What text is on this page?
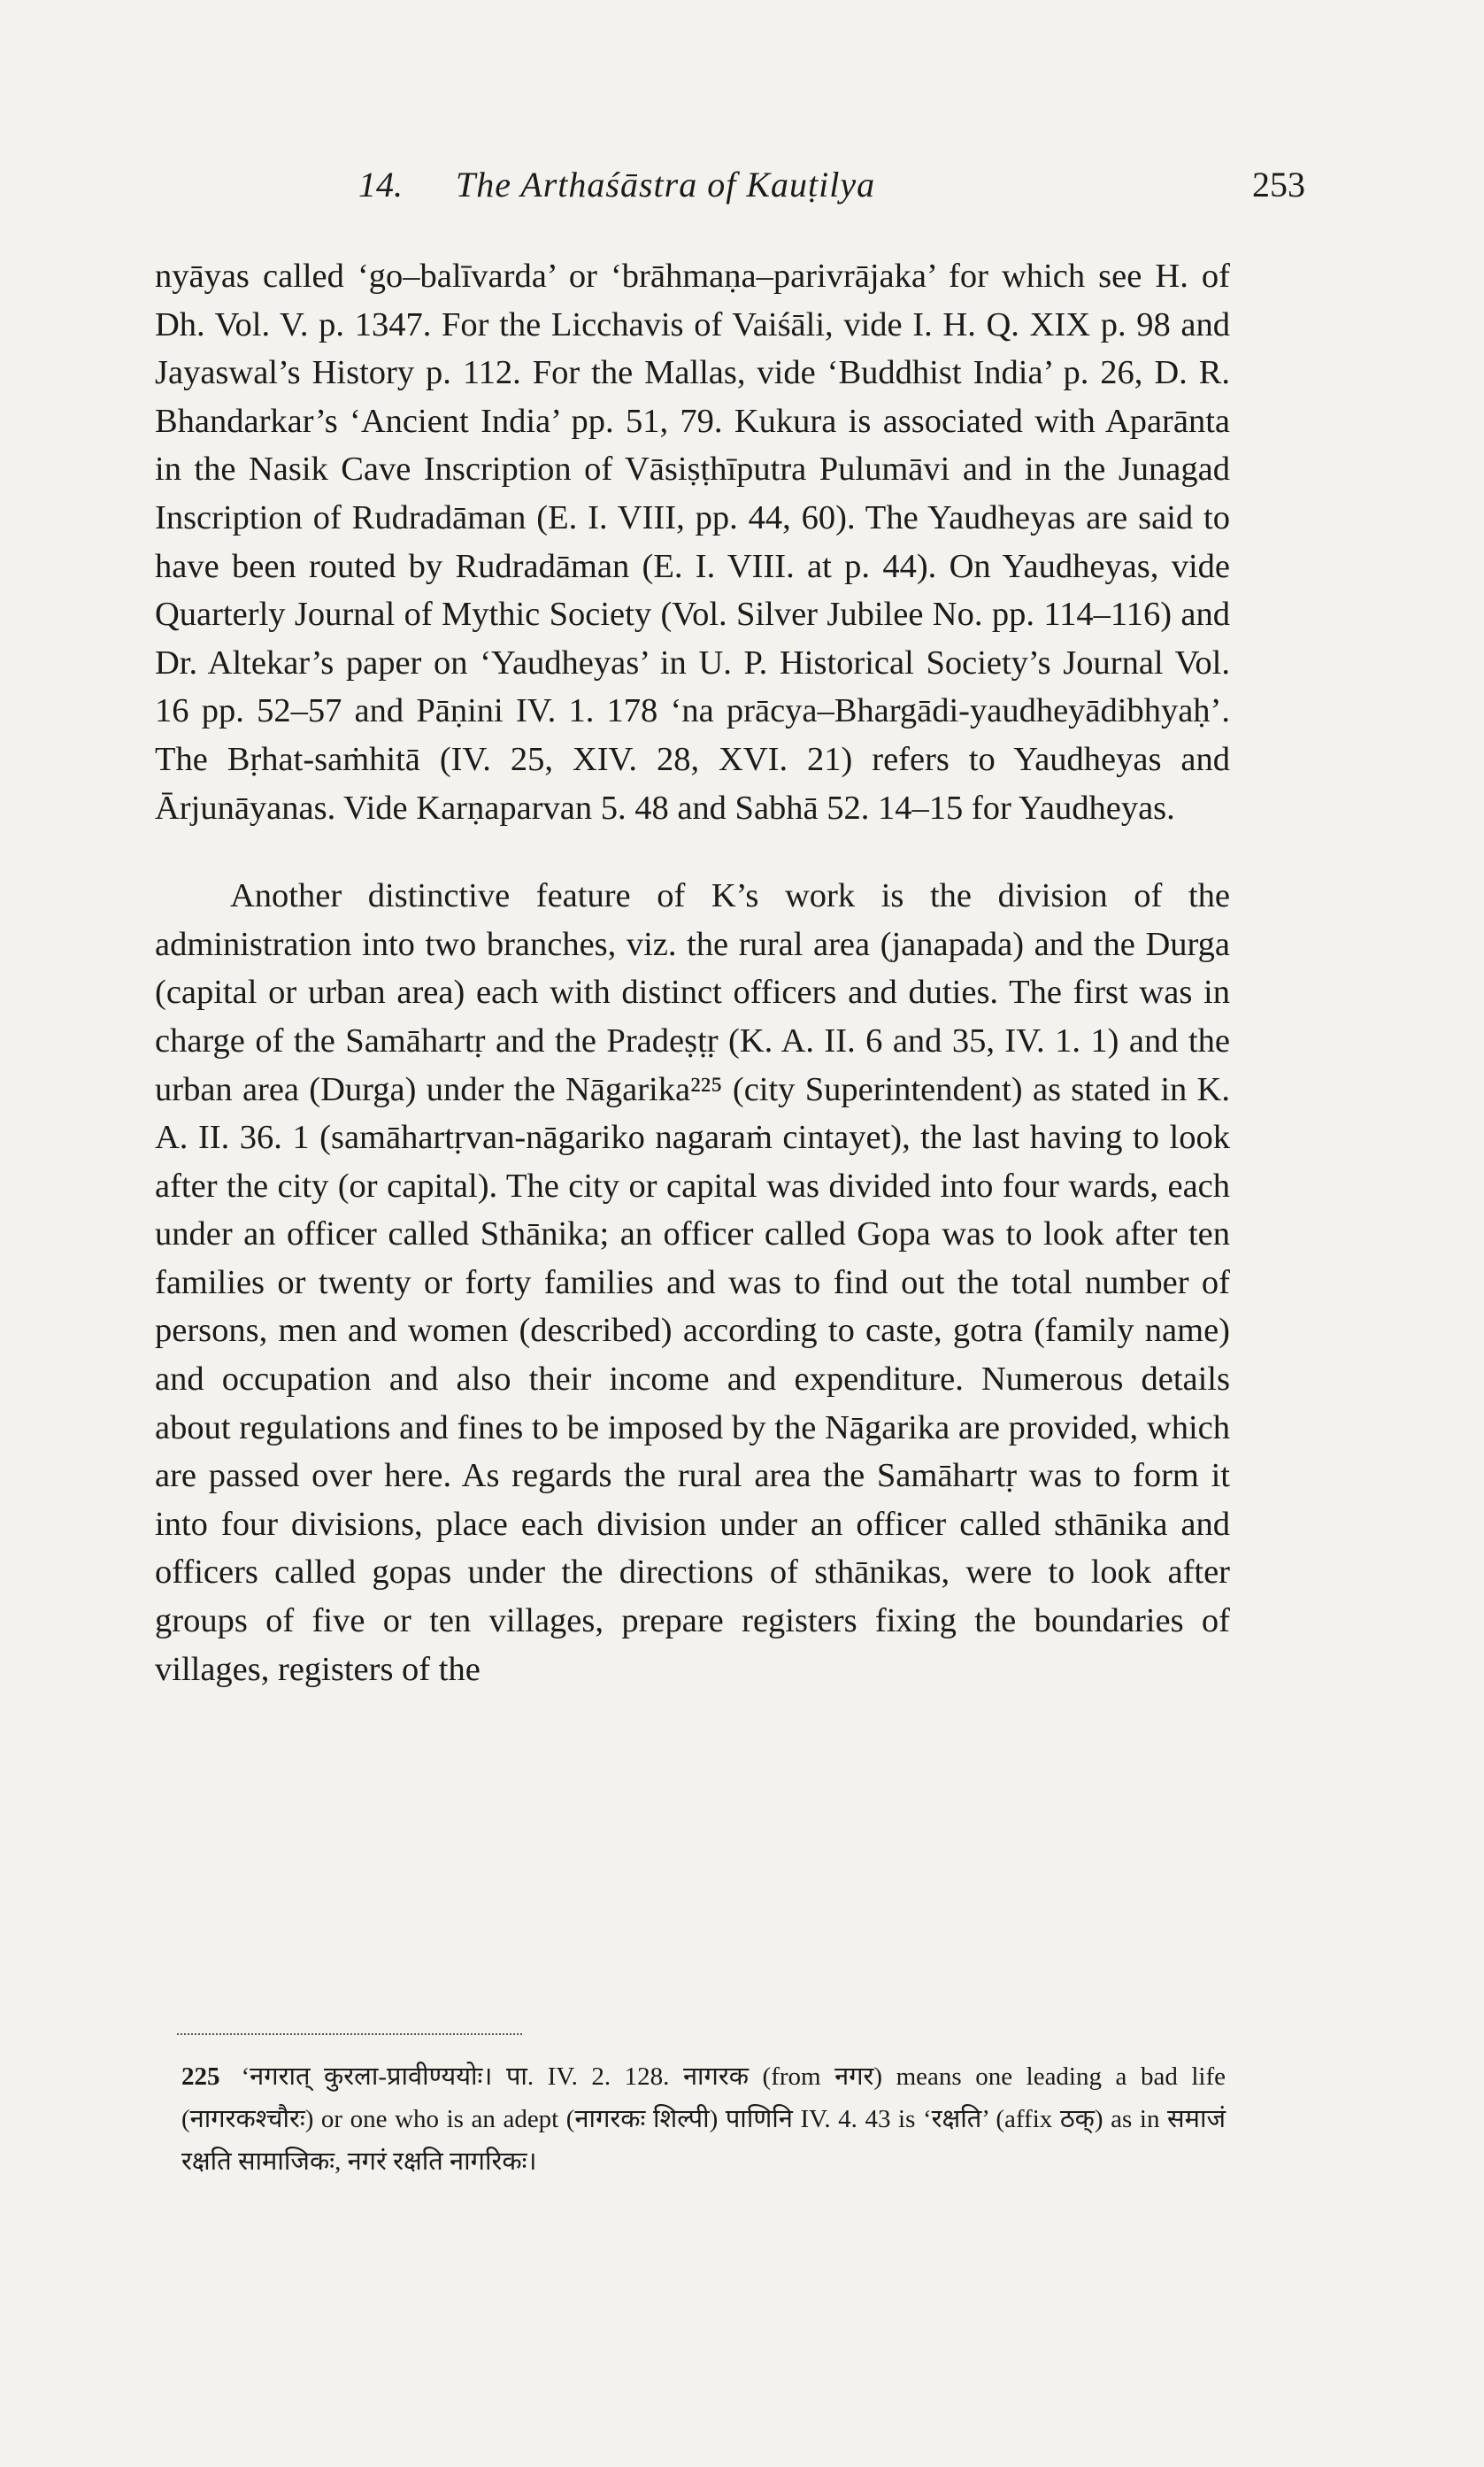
14. The Arthaśāstra of Kauṭilya	253

nyāyas called ‘go–balīvarda’ or ‘brāhmaṇa–parivrājaka’ for which see H. of Dh. Vol. V. p. 1347. For the Licchavis of Vaiśāli, vide I. H. Q. XIX p. 98 and Jayaswal’s History p. 112. For the Mallas, vide ‘Buddhist India’ p. 26, D. R. Bhandarkar’s ‘Ancient India’ pp. 51, 79. Kukura is associated with Aparānta in the Nasik Cave Inscription of Vāsiṣṭhīputra Pulumāvi and in the Junagad Inscription of Rudradāman (E. I. VIII, pp. 44, 60). The Yaudheyas are said to have been routed by Rudradāman (E. I. VIII. at p. 44). On Yaudheyas, vide Quarterly Journal of Mythic Society (Vol. Silver Jubilee No. pp. 114–116) and Dr. Altekar’s paper on ‘Yaudheyas’ in U. P. Historical Society’s Journal Vol. 16 pp. 52–57 and Pāṇini IV. 1. 178 ‘na prācya–Bhargādi-yaudheyādibhyaḥ’. The Bṛhat-saṁhitā (IV. 25, XIV. 28, XVI. 21) refers to Yaudheyas and Ārjunāyanas. Vide Karṇaparvan 5. 48 and Sabhā 52. 14–15 for Yaudheyas.

Another distinctive feature of K’s work is the division of the administration into two branches, viz. the rural area (janapada) and the Durga (capital or urban area) each with distinct officers and duties. The first was in charge of the Samāhartṛ and the Pradeṣṭṛ (K. A. II. 6 and 35, IV. 1. 1) and the urban area (Durga) under the Nāgarika²²⁵ (city Superintendent) as stated in K. A. II. 36. 1 (samāhartṛvan-nāgariko nagaraṁ cintayet), the last having to look after the city (or capital). The city or capital was divided into four wards, each under an officer called Sthānika; an officer called Gopa was to look after ten families or twenty or forty families and was to find out the total number of persons, men and women (described) according to caste, gotra (family name) and occupation and also their income and expenditure. Numerous details about regulations and fines to be imposed by the Nāgarika are provided, which are passed over here. As regards the rural area the Samāhartṛ was to form it into four divisions, place each division under an officer called sthānika and officers called gopas under the directions of sthānikas, were to look after groups of five or ten villages, prepare registers fixing the boundaries of villages, registers of the

225 ‘नगरात् कुरला-प्रावीण्ययोः। पा. IV. 2. 128. नागरक (from नगर) means one leading a bad life (नागरकश्चौरः) or one who is an adept (नागरकः शिल्पी) पाणिनि IV. 4. 43 is ‘रक्षति’ (affix ठक्) as in समाजं रक्षति सामाजिकः, नगरं रक्षति नागरिकः।
